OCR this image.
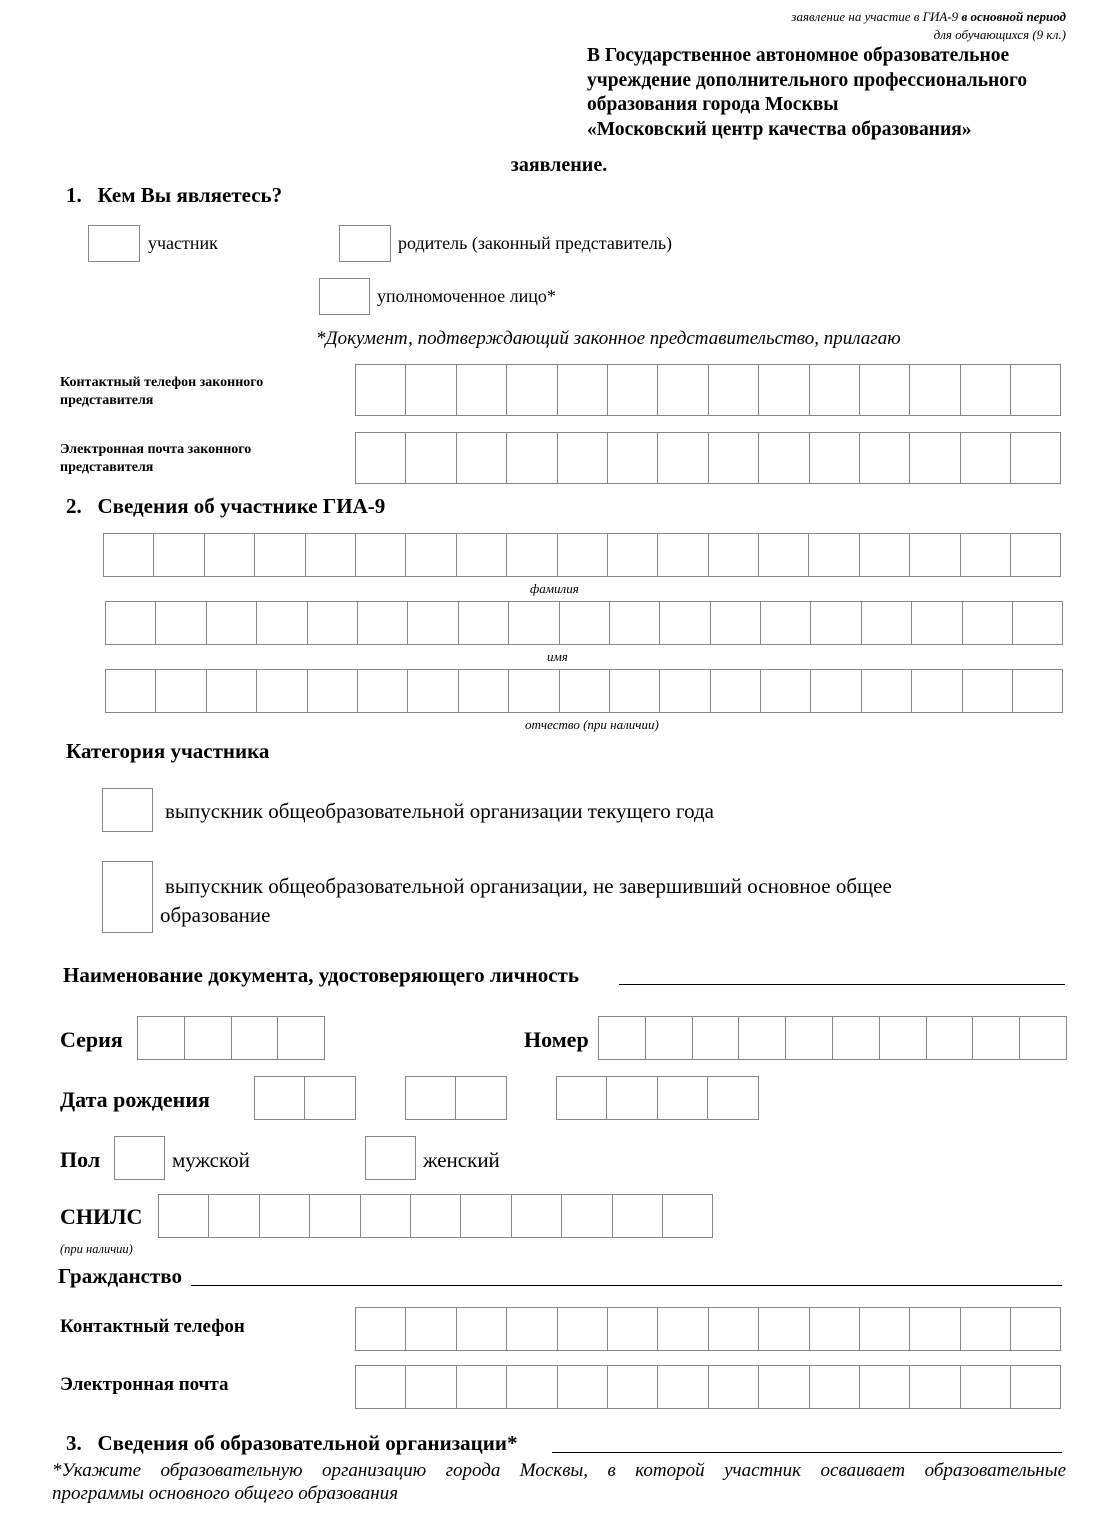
заявление на участие в ГИА-9 в основной период
для обучающихся (9 кл.)
В Государственное автономное образовательное
учреждение дополнительного профессионального
образования города Москвы
«Московский центр качества образования»
заявление.
1.   Кем Вы являетесь?
участник	родитель (законный представитель)
уполномоченное лицо*
*Документ, подтверждающий законное представительство, прилагаю
Контактный телефон законного
представителя
Электронная почта законного
представителя
2.   Сведения об участнике ГИА-9
фамилия
имя
отчество (при наличии)
Категория участника
выпускник общеобразовательной организации текущего года
выпускник общеобразовательной организации, не завершивший основное общее
образование
Наименование документа, удостоверяющего личность
Серия	Номер
Дата рождения
Пол	мужской	женский
СНИЛС
(при наличии)
Гражданство
Контактный телефон
Электронная почта
3.   Сведения об образовательной организации*
*Укажите образовательную организацию города Москвы, в которой участник осваивает образовательные
программы основного общего образования
